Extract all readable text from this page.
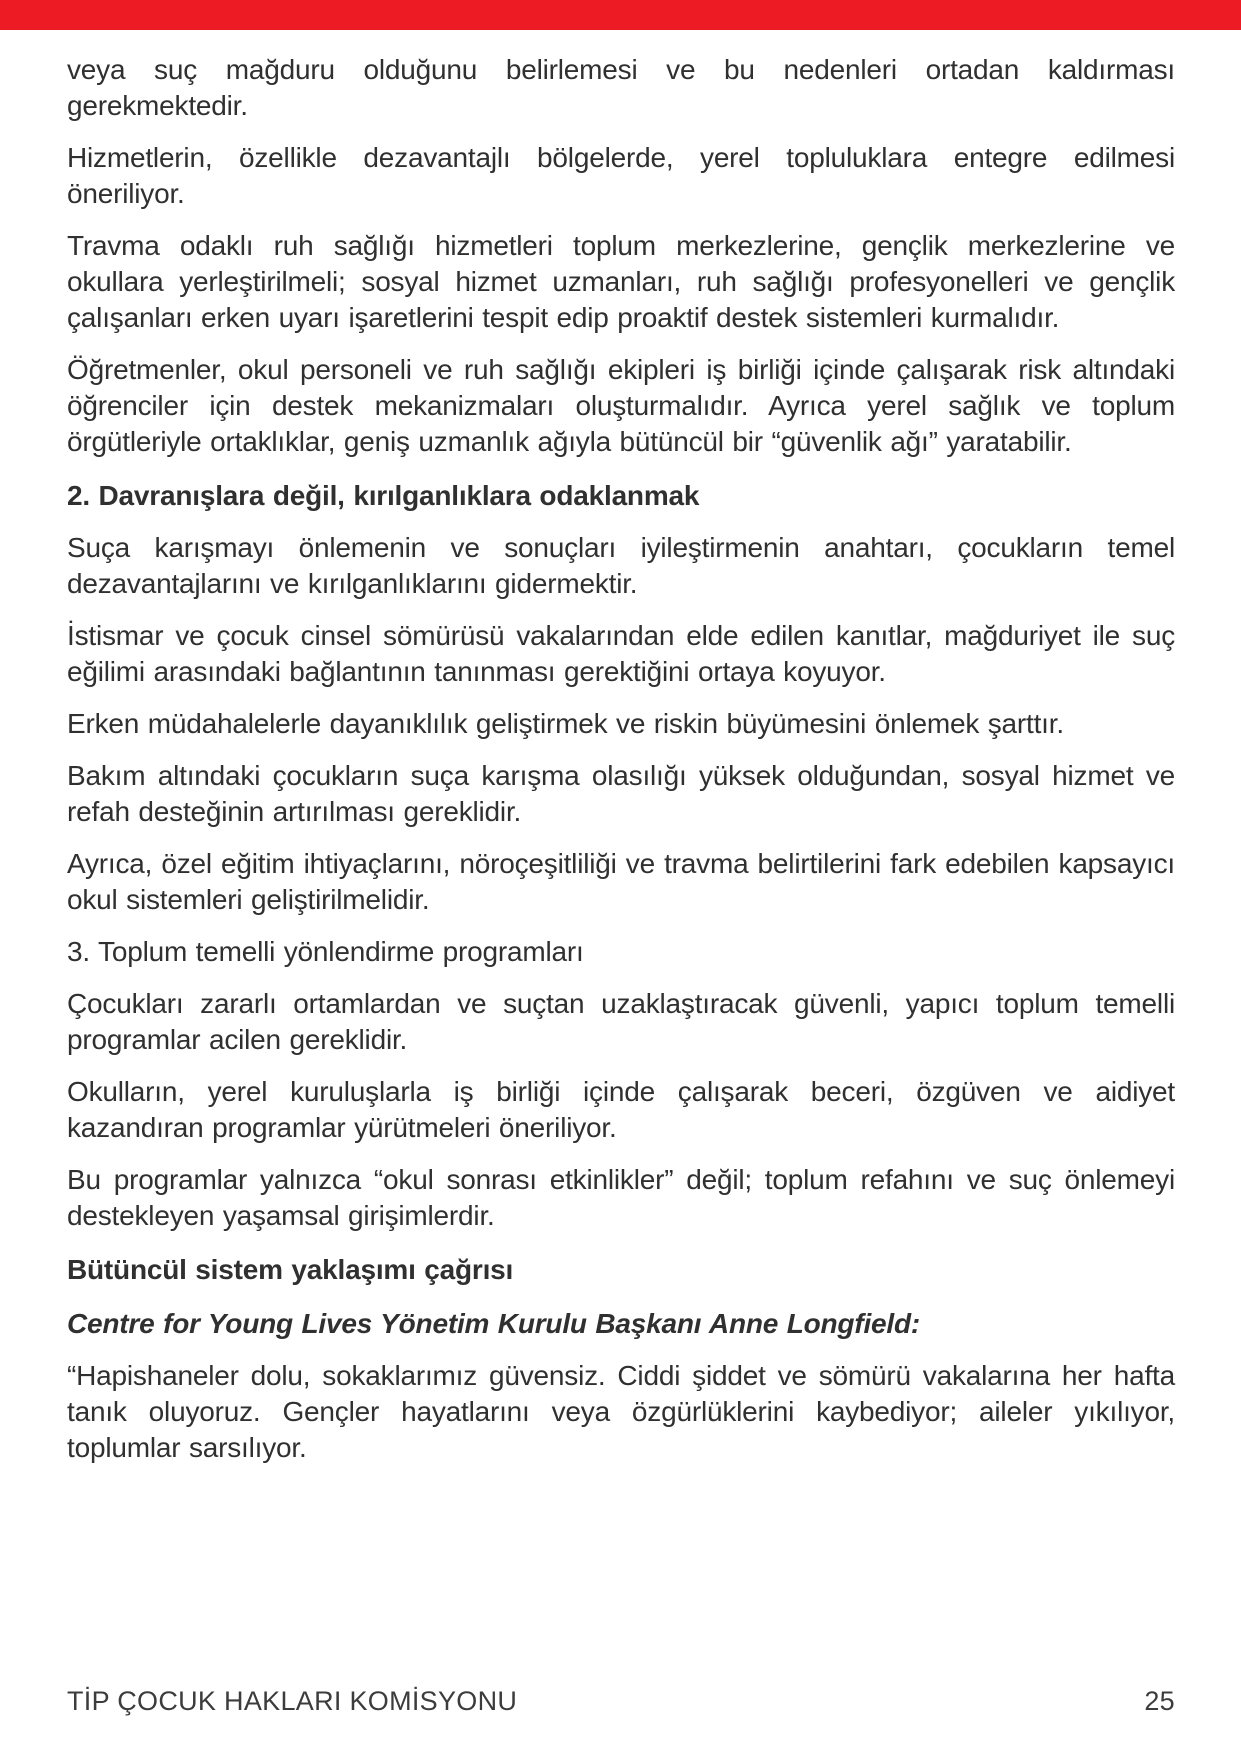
veya suç mağduru olduğunu belirlemesi ve bu nedenleri ortadan kaldırması gerekmektedir.

Hizmetlerin, özellikle dezavantajlı bölgelerde, yerel topluluklara entegre edilmesi öneriliyor.

Travma odaklı ruh sağlığı hizmetleri toplum merkezlerine, gençlik merkezlerine ve okullara yerleştirilmeli; sosyal hizmet uzmanları, ruh sağlığı profesyonelleri ve gençlik çalışanları erken uyarı işaretlerini tespit edip proaktif destek sistemleri kurmalıdır.

Öğretmenler, okul personeli ve ruh sağlığı ekipleri iş birliği içinde çalışarak risk altındaki öğrenciler için destek mekanizmaları oluşturmalıdır. Ayrıca yerel sağlık ve toplum örgütleriyle ortaklıklar, geniş uzmanlık ağıyla bütüncül bir “güvenlik ağı” yaratabilir.

2. Davranışlara değil, kırılganlıklara odaklanmak

Suça karışmayı önlemenin ve sonuçları iyileştirmenin anahtarı, çocukların temel dezavantajlarını ve kırılganlıklarını gidermektir.

İstismar ve çocuk cinsel sömürüsü vakalarından elde edilen kanıtlar, mağduriyet ile suç eğilimi arasındaki bağlantının tanınması gerektiğini ortaya koyuyor.

Erken müdahalelerle dayanıklılık geliştirmek ve riskin büyümesini önlemek şarttır.

Bakım altındaki çocukların suça karışma olasılığı yüksek olduğundan, sosyal hizmet ve refah desteğinin artırılması gereklidir.

Ayrıca, özel eğitim ihtiyaçlarını, nöroçeşitliliği ve travma belirtilerini fark edebilen kapsayıcı okul sistemleri geliştirilmelidir.

3. Toplum temelli yönlendirme programları

Çocukları zararlı ortamlardan ve suçtan uzaklaştıracak güvenli, yapıcı toplum temelli programlar acilen gereklidir.

Okulların, yerel kuruluşlarla iş birliği içinde çalışarak beceri, özgüven ve aidiyet kazandıran programlar yürütmeleri öneriliyor.

Bu programlar yalnızca “okul sonrası etkinlikler” değil; toplum refahını ve suç önlemeyi destekleyen yaşamsal girişimlerdir.

Bütüncül sistem yaklaşımı çağrısı

Centre for Young Lives Yönetim Kurulu Başkanı Anne Longfield:

“Hapishaneler dolu, sokaklarımız güvensiz. Ciddi şiddet ve sömürü vakalarına her hafta tanık oluyoruz. Gençler hayatlarını veya özgürlüklerini kaybediyor; aileler yıkılıyor, toplumlar sarsılıyor.

TİP ÇOCUK HAKLARI KOMİSYONU	25
